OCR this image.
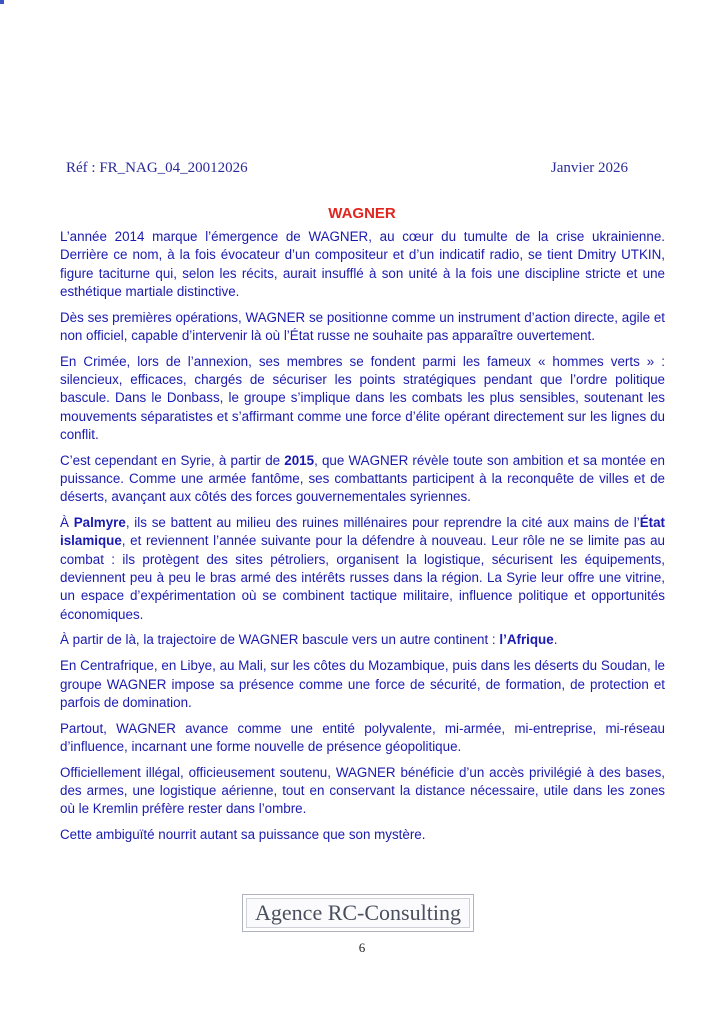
Réf : FR_NAG_04_20012026	Janvier 2026
WAGNER

L’année 2014 marque l’émergence de WAGNER, au cœur du tumulte de la crise ukrainienne. Derrière ce nom, à la fois évocateur d’un compositeur et d’un indicatif radio, se tient Dmitry UTKIN, figure taciturne qui, selon les récits, aurait insufflé à son unité à la fois une discipline stricte et une esthétique martiale distinctive.

Dès ses premières opérations, WAGNER se positionne comme un instrument d’action directe, agile et non officiel, capable d’intervenir là où l’État russe ne souhaite pas apparaître ouvertement.

En Crimée, lors de l’annexion, ses membres se fondent parmi les fameux « hommes verts » : silencieux, efficaces, chargés de sécuriser les points stratégiques pendant que l’ordre politique bascule. Dans le Donbass, le groupe s’implique dans les combats les plus sensibles, soutenant les mouvements séparatistes et s’affirmant comme une force d’élite opérant directement sur les lignes du conflit.

C’est cependant en Syrie, à partir de 2015, que WAGNER révèle toute son ambition et sa montée en puissance. Comme une armée fantôme, ses combattants participent à la reconquête de villes et de déserts, avançant aux côtés des forces gouvernementales syriennes.

À Palmyre, ils se battent au milieu des ruines millénaires pour reprendre la cité aux mains de l’État islamique, et reviennent l’année suivante pour la défendre à nouveau. Leur rôle ne se limite pas au combat : ils protègent des sites pétroliers, organisent la logistique, sécurisent les équipements, deviennent peu à peu le bras armé des intérêts russes dans la région. La Syrie leur offre une vitrine, un espace d’expérimentation où se combinent tactique militaire, influence politique et opportunités économiques.

À partir de là, la trajectoire de WAGNER bascule vers un autre continent : l’Afrique.

En Centrafrique, en Libye, au Mali, sur les côtes du Mozambique, puis dans les déserts du Soudan, le groupe WAGNER impose sa présence comme une force de sécurité, de formation, de protection et parfois de domination.

Partout, WAGNER avance comme une entité polyvalente, mi-armée, mi-entreprise, mi-réseau d’influence, incarnant une forme nouvelle de présence géopolitique.

Officiellement illégal, officieusement soutenu, WAGNER bénéficie d’un accès privilégié à des bases, des armes, une logistique aérienne, tout en conservant la distance nécessaire, utile dans les zones où le Kremlin préfère rester dans l’ombre.

Cette ambiguïté nourrit autant sa puissance que son mystère.

Agence RC-Consulting
6
